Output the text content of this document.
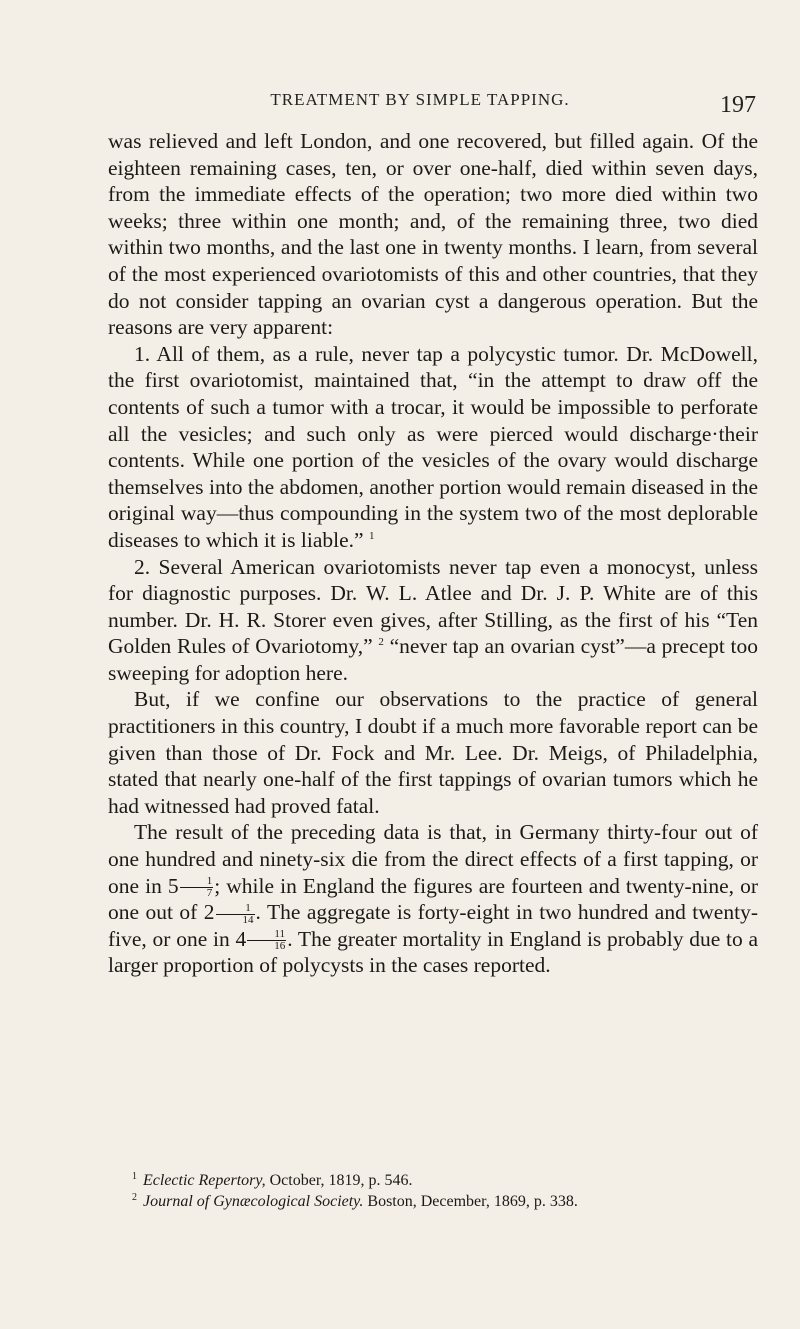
TREATMENT BY SIMPLE TAPPING.	197

was relieved and left London, and one recovered, but filled again. Of the eighteen remaining cases, ten, or over one-half, died within seven days, from the immediate effects of the operation; two more died within two weeks; three within one month; and, of the remaining three, two died within two months, and the last one in twenty months. I learn, from several of the most experienced ovariotomists of this and other countries, that they do not consider tapping an ovarian cyst a dangerous operation. But the reasons are very apparent:

1. All of them, as a rule, never tap a polycystic tumor. Dr. McDowell, the first ovariotomist, maintained that, “in the attempt to draw off the contents of such a tumor with a trocar, it would be impossible to perforate all the vesicles; and such only as were pierced would discharge·their contents. While one portion of the vesicles of the ovary would discharge themselves into the abdomen, another portion would remain diseased in the original way—thus compounding in the system two of the most deplorable diseases to which it is liable.” $^1$

2. Several American ovariotomists never tap even a monocyst, unless for diagnostic purposes. Dr. W. L. Atlee and Dr. J. P. White are of this number. Dr. H. R. Storer even gives, after Stilling, as the first of his “Ten Golden Rules of Ovariotomy,” $^2$ “never tap an ovarian cyst”—a precept too sweeping for adoption here.

But, if we confine our observations to the practice of general practitioners in this country, I doubt if a much more favorable report can be given than those of Dr. Fock and Mr. Lee. Dr. Meigs, of Philadelphia, stated that nearly one-half of the first tappings of ovarian tumors which he had witnessed had proved fatal.

The result of the preceding data is that, in Germany thirty-four out of one hundred and ninety-six die from the direct effects of a first tapping, or one in $5 \frac{1}{7}$ ; while in England the figures are fourteen and twenty-nine, or one out of $2 \frac{1}{14}$ . The aggregate is forty-eight in two hundred and twenty-five, or one in $4 \frac{11}{16}$ . The greater mortality in England is probably due to a larger proportion of polycysts in the cases reported.

$^1$ Eclectic Repertory, October, 1819, p. 546.

$^2$ Journal of Gynæcological Society. Boston, December, 1869, p. 338.
